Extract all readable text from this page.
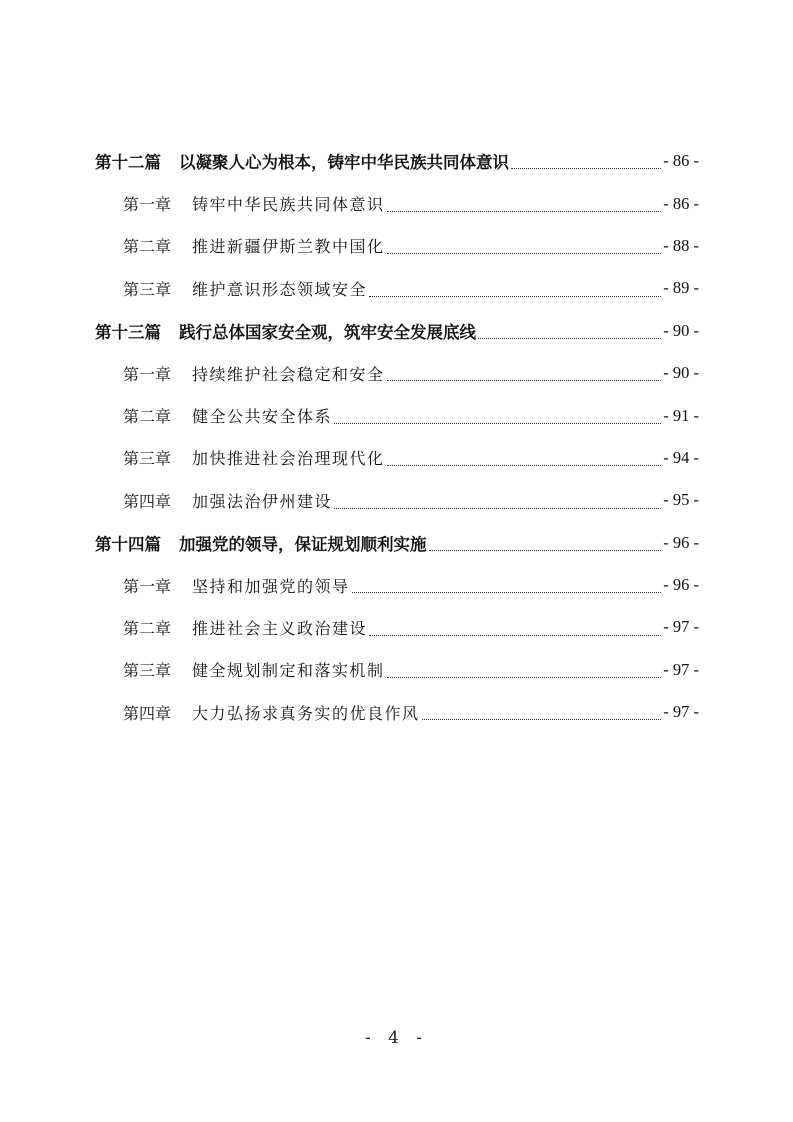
第十二篇 以凝聚人心为根本，铸牢中华民族共同体意识	- 86 -
第一章 铸牢中华民族共同体意识	- 86 -
第二章 推进新疆伊斯兰教中国化	- 88 -
第三章 维护意识形态领域安全	- 89 -
第十三篇 践行总体国家安全观，筑牢安全发展底线	- 90 -
第一章 持续维护社会稳定和安全	- 90 -
第二章 健全公共安全体系	- 91 -
第三章 加快推进社会治理现代化	- 94 -
第四章 加强法治伊州建设	- 95 -
第十四篇 加强党的领导，保证规划顺利实施	- 96 -
第一章 坚持和加强党的领导	- 96 -
第二章 推进社会主义政治建设	- 97 -
第三章 健全规划制定和落实机制	- 97 -
第四章 大力弘扬求真务实的优良作风	- 97 -
- 4 -
